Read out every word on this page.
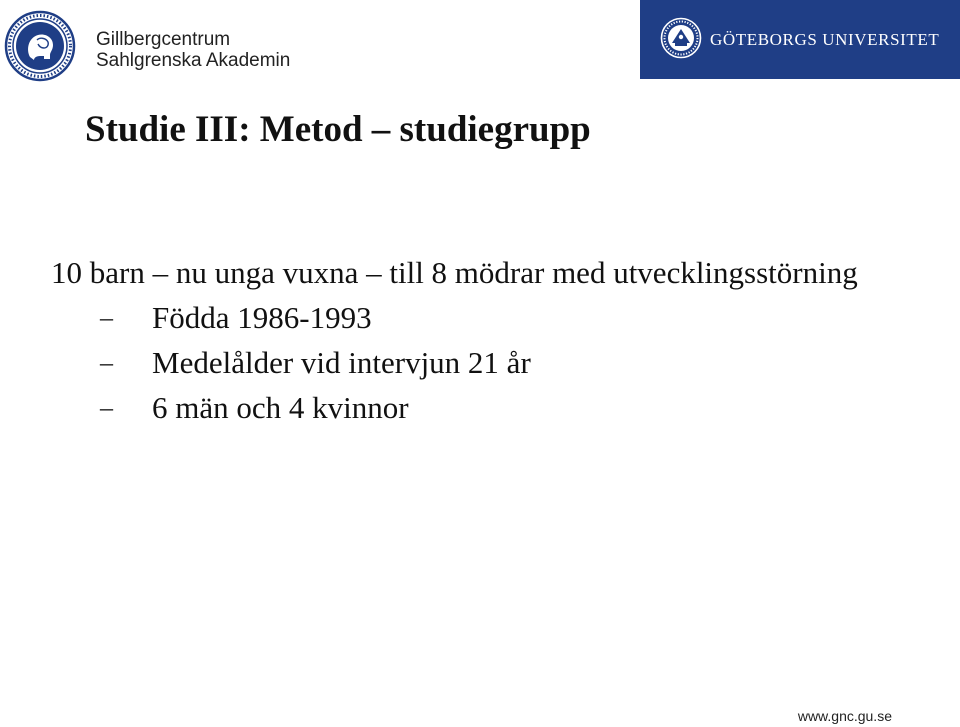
Gillbergcentrum
Sahlgrenska Akademin
GÖTEBORGS UNIVERSITET
Studie III: Metod – studiegrupp

10 barn – nu unga vuxna – till 8 mödrar med utvecklingsstörning

– Födda 1986-1993
– Medelålder vid intervjun 21 år
– 6 män och 4 kvinnor
www.gnc.gu.se
